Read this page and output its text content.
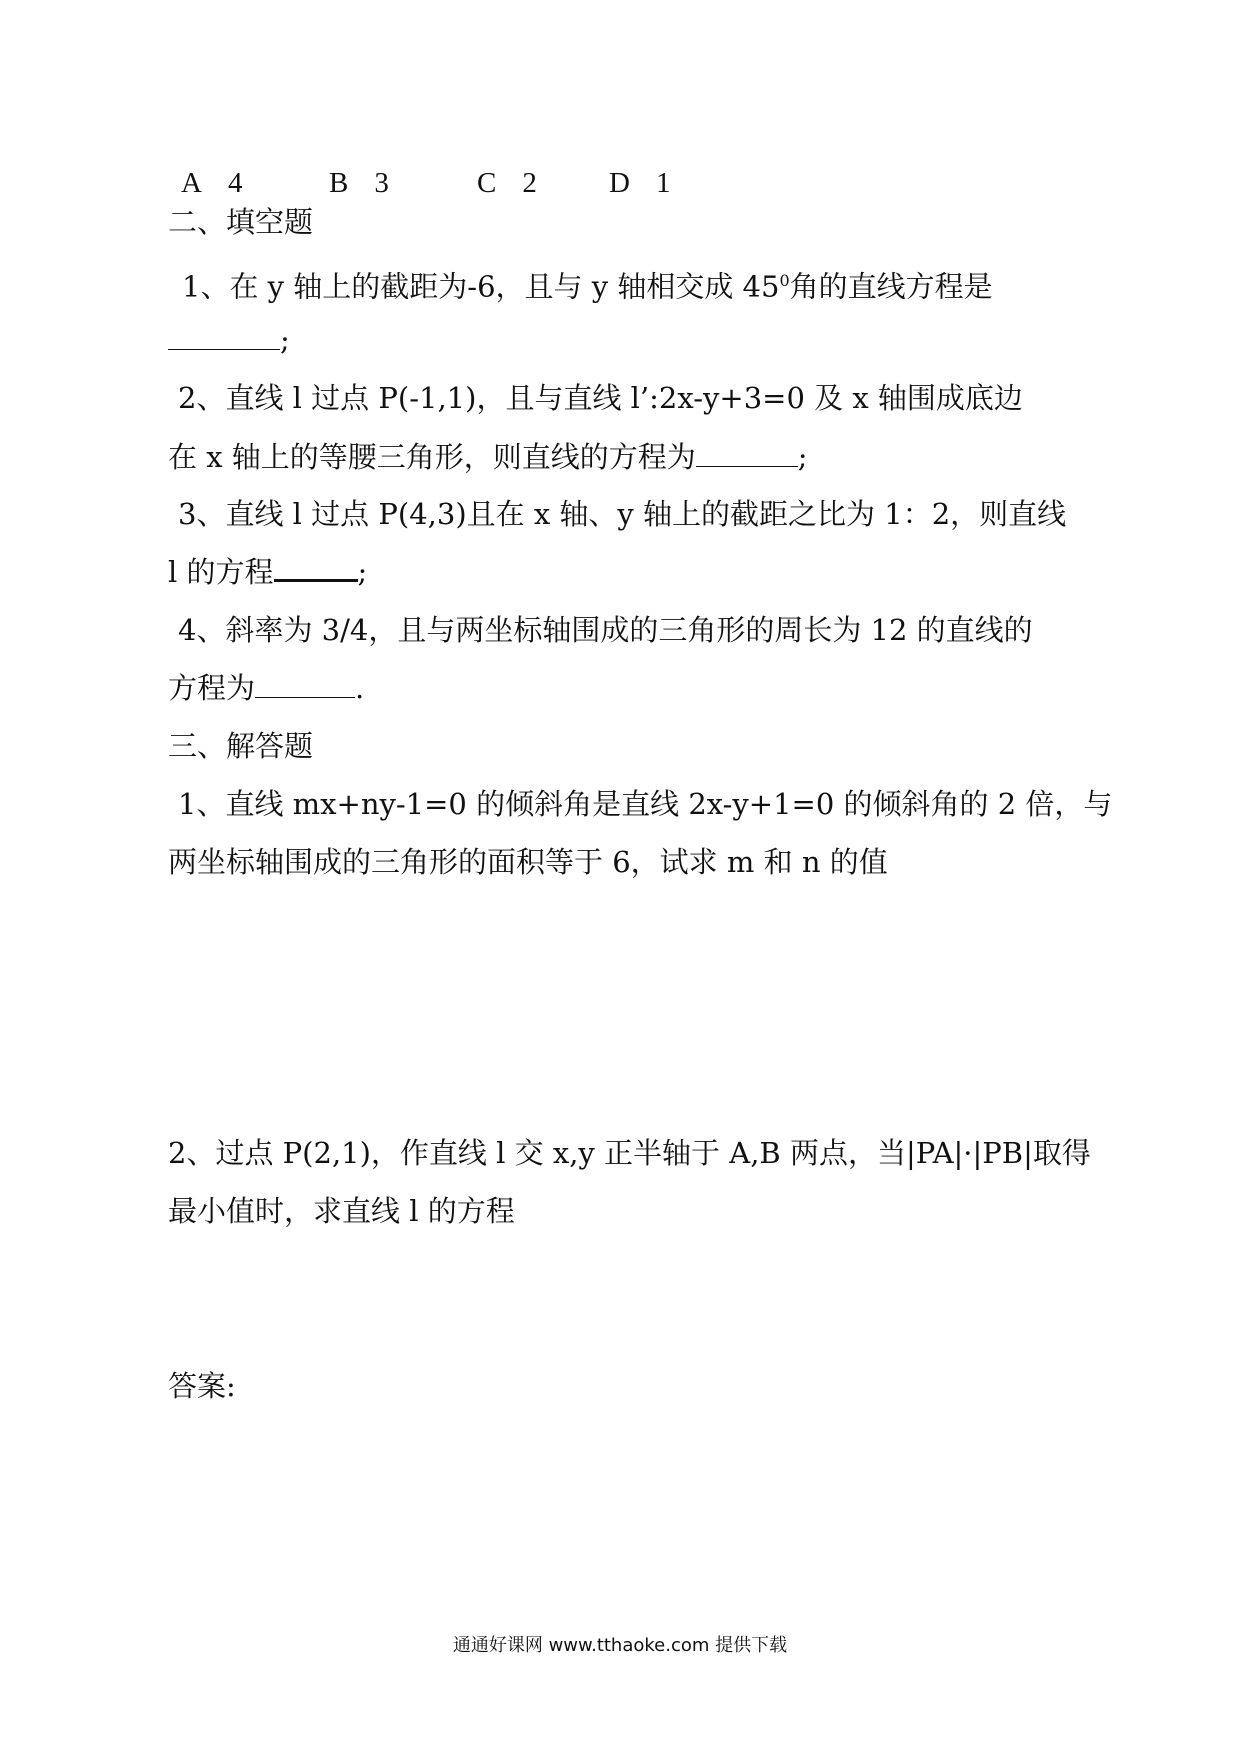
A 4	B 3	C 2 D 1
二、填空题
1、在 y 轴上的截距为-6，且与 y 轴相交成 $45^0$角的直线方程是
;
2、直线 l 过点 P(-1,1)，且与直线 l’:2x-y+3=0 及 x 轴围成底边
在 x 轴上的等腰三角形，则直线的方程为	;
3、直线 l 过点 P(4,3)且在 x 轴、y 轴上的截距之比为 1：2，则直线
l 的方程	;
4、斜率为 3/4，且与两坐标轴围成的三角形的周长为 12 的直线的
方程为	.
三、解答题
1、直线 mx+ny-1=0 的倾斜角是直线 2x-y+1=0 的倾斜角的 2 倍，与
两坐标轴围成的三角形的面积等于 6，试求 m 和 n 的值
2、过点 P(2,1)，作直线 l 交 x,y 正半轴于 A,B 两点，当|PA|·|PB|取得
最小值时，求直线 l 的方程
答案:
通通好课网 www.tthaoke.com 提供下载
